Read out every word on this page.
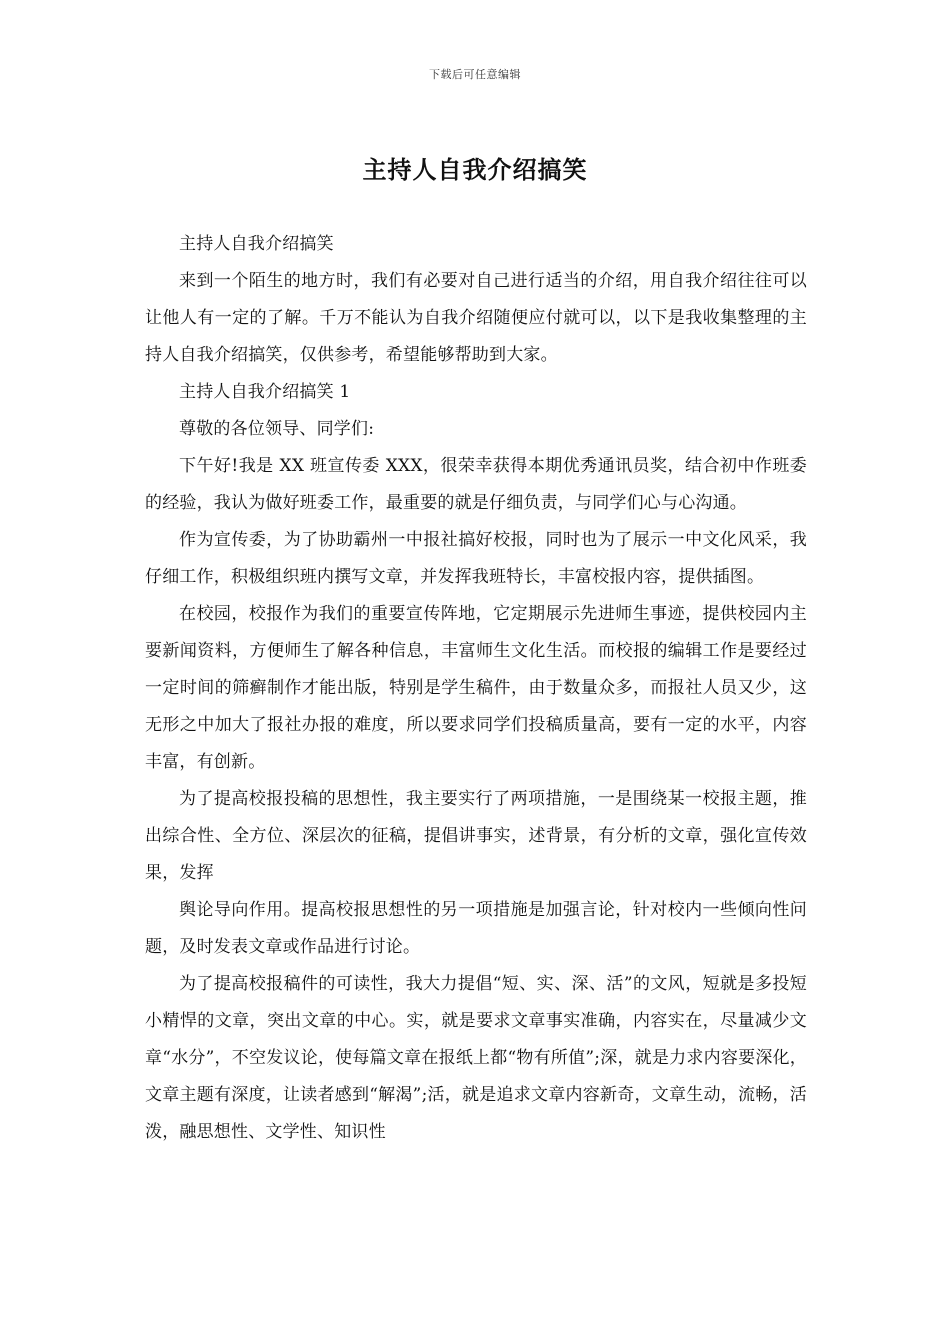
下载后可任意编辑
主持人自我介绍搞笑

主持人自我介绍搞笑

来到一个陌生的地方时，我们有必要对自己进行适当的介绍，用自我介绍往往可以让他人有一定的了解。千万不能认为自我介绍随便应付就可以，以下是我收集整理的主持人自我介绍搞笑，仅供参考，希望能够帮助到大家。

主持人自我介绍搞笑 1

尊敬的各位领导、同学们:

下午好!我是 XX 班宣传委 XXX，很荣幸获得本期优秀通讯员奖，结合初中作班委的经验，我认为做好班委工作，最重要的就是仔细负责，与同学们心与心沟通。

作为宣传委，为了协助霸州一中报社搞好校报，同时也为了展示一中文化风采，我仔细工作，积极组织班内撰写文章，并发挥我班特长，丰富校报内容，提供插图。

在校园，校报作为我们的重要宣传阵地，它定期展示先进师生事迹，提供校园内主要新闻资料，方便师生了解各种信息，丰富师生文化生活。而校报的编辑工作是要经过一定时间的筛癣制作才能出版，特别是学生稿件，由于数量众多，而报社人员又少，这无形之中加大了报社办报的难度，所以要求同学们投稿质量高，要有一定的水平，内容丰富，有创新。

为了提高校报投稿的思想性，我主要实行了两项措施，一是围绕某一校报主题，推出综合性、全方位、深层次的征稿，提倡讲事实，述背景，有分析的文章，强化宣传效果，发挥

舆论导向作用。提高校报思想性的另一项措施是加强言论，针对校内一些倾向性问题，及时发表文章或作品进行讨论。

为了提高校报稿件的可读性，我大力提倡“短、实、深、活”的文风，短就是多投短小精悍的文章，突出文章的中心。实，就是要求文章事实准确，内容实在，尽量减少文章“水分”，不空发议论，使每篇文章在报纸上都“物有所值”;深，就是力求内容要深化，文章主题有深度，让读者感到“解渴”;活，就是追求文章内容新奇，文章生动，流畅，活泼，融思想性、文学性、知识性
